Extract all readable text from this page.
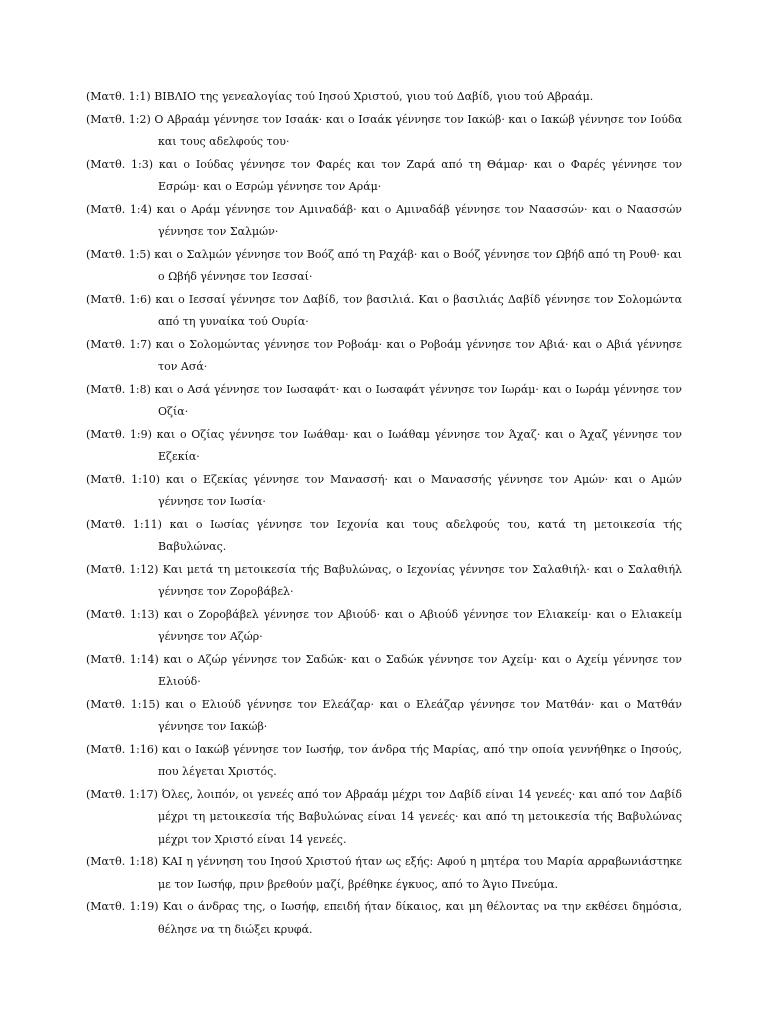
(Ματθ. 1:1) ΒΙΒΛΙΟ της γενεαλογίας τού Ιησού Χριστού, γιου τού Δαβίδ, γιου τού Αβραάμ.

(Ματθ. 1:2) O Αβραάμ γέννησε τον Ισαάκ· και ο Ισαάκ γέννησε τον Ιακώβ· και ο Ιακώβ γέννησε τον Ιούδα και τους αδελφούς του·

(Ματθ. 1:3) και ο Ιούδας γέννησε τον Φαρές και τον Ζαρά από τη Θάμαρ· και ο Φαρές γέννησε τον Εσρώμ· και ο Εσρώμ γέννησε τον Αράμ·

(Ματθ. 1:4) και ο Αράμ γέννησε τον Αμιναδάβ· και ο Αμιναδάβ γέννησε τον Ναασσών· και ο Ναασσών γέννησε τον Σαλμών·

(Ματθ. 1:5) και ο Σαλμών γέννησε τον Βοόζ από τη Ραχάβ· και ο Βοόζ γέννησε τον Ωβήδ από τη Ρουθ· και ο Ωβήδ γέννησε τον Ιεσσαί·

(Ματθ. 1:6) και ο Ιεσσαί γέννησε τον Δαβίδ, τον βασιλιά. Και ο βασιλιάς Δαβίδ γέννησε τον Σολομώντα από τη γυναίκα τού Ουρία·

(Ματθ. 1:7) και ο Σολομώντας γέννησε τον Ροβοάμ· και ο Ροβοάμ γέννησε τον Αβιά· και ο Αβιά γέννησε τον Ασά·

(Ματθ. 1:8) και ο Ασά γέννησε τον Ιωσαφάτ· και ο Ιωσαφάτ γέννησε τον Ιωράμ· και ο Ιωράμ γέννησε τον Οζία·

(Ματθ. 1:9) και ο Οζίας γέννησε τον Ιωάθαμ· και ο Ιωάθαμ γέννησε τον Άχαζ· και ο Άχαζ γέννησε τον Εζεκία·

(Ματθ. 1:10) και ο Εζεκίας γέννησε τον Μανασσή· και ο Μανασσής γέννησε τον Αμών· και ο Αμών γέννησε τον Ιωσία·

(Ματθ. 1:11) και ο Ιωσίας γέννησε τον Ιεχονία και τους αδελφούς του, κατά τη μετοικεσία τής Βαβυλώνας.

(Ματθ. 1:12) Και μετά τη μετοικεσία τής Βαβυλώνας, ο Ιεχονίας γέννησε τον Σαλαθιήλ· και ο Σαλαθιήλ γέννησε τον Ζοροβάβελ·

(Ματθ. 1:13) και ο Ζοροβάβελ γέννησε τον Αβιούδ· και ο Αβιούδ γέννησε τον Ελιακείμ· και ο Ελιακείμ γέννησε τον Αζώρ·

(Ματθ. 1:14) και ο Αζώρ γέννησε τον Σαδώκ· και ο Σαδώκ γέννησε τον Αχείμ· και ο Αχείμ γέννησε τον Ελιούδ·

(Ματθ. 1:15) και ο Ελιούδ γέννησε τον Ελεάζαρ· και ο Ελεάζαρ γέννησε τον Ματθάν· και ο Ματθάν γέννησε τον Ιακώβ·

(Ματθ. 1:16) και ο Ιακώβ γέννησε τον Ιωσήφ, τον άνδρα τής Μαρίας, από την οποία γεννήθηκε ο Ιησούς, που λέγεται Χριστός.

(Ματθ. 1:17) Όλες, λοιπόν, οι γενεές από τον Αβραάμ μέχρι τον Δαβίδ είναι 14 γενεές· και από τον Δαβίδ μέχρι τη μετοικεσία τής Βαβυλώνας είναι 14 γενεές· και από τη μετοικεσία τής Βαβυλώνας μέχρι τον Χριστό είναι 14 γενεές.

(Ματθ. 1:18) ΚΑΙ η γέννηση του Ιησού Χριστού ήταν ως εξής: Αφού η μητέρα του Μαρία αρραβωνιάστηκε με τον Ιωσήφ, πριν βρεθούν μαζί, βρέθηκε έγκυος, από το Άγιο Πνεύμα.

(Ματθ. 1:19) Και ο άνδρας της, ο Ιωσήφ, επειδή ήταν δίκαιος, και μη θέλοντας να την εκθέσει δημόσια, θέλησε να τη διώξει κρυφά.
